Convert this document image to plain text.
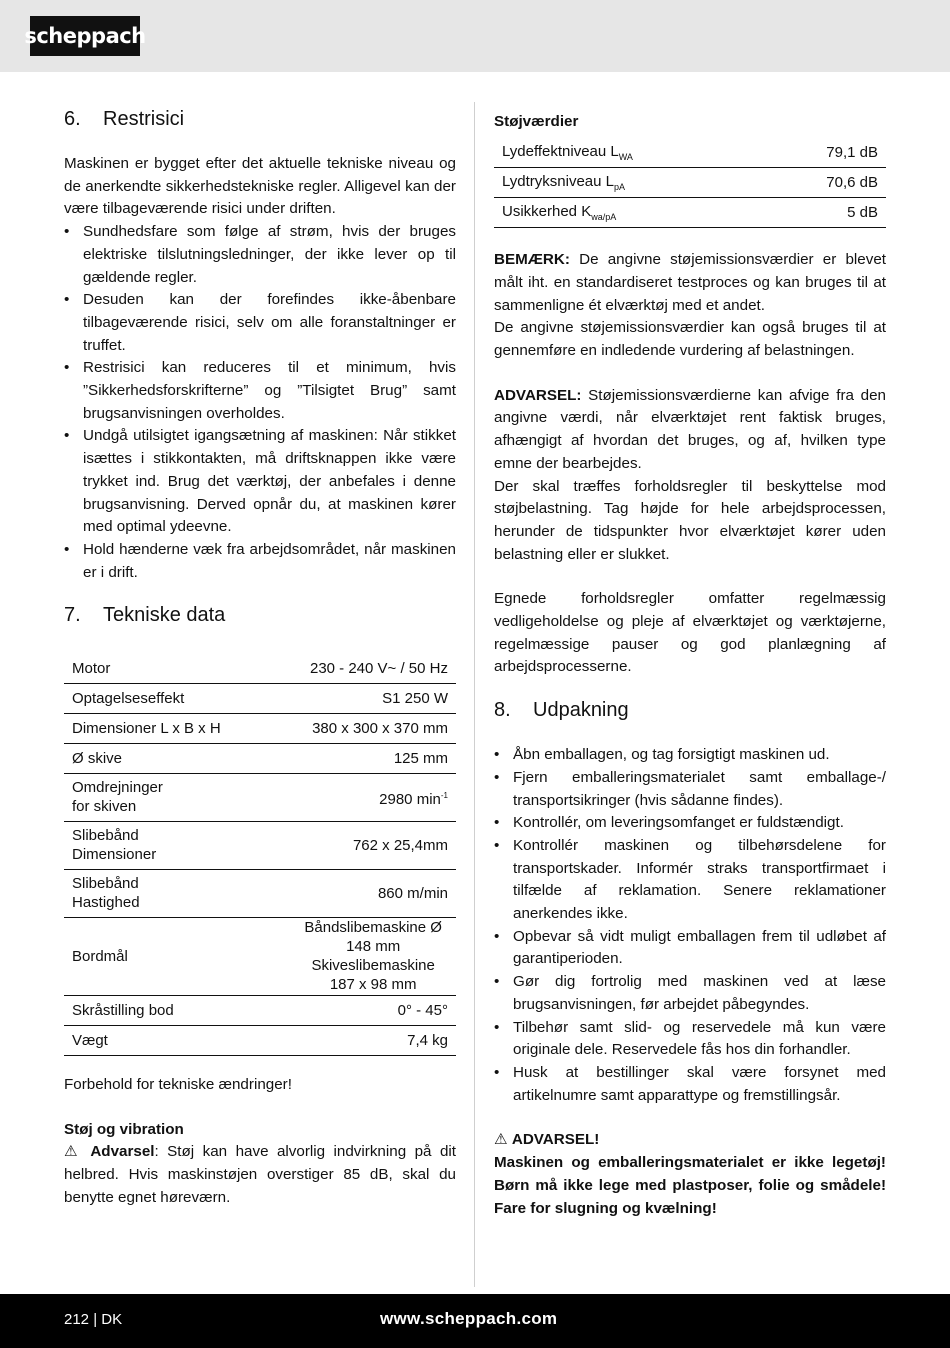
scheppach
6.	Restrisici

Maskinen er bygget efter det aktuelle tekniske niveau og de anerkendte sikkerhedstekniske regler. Alligevel kan der være tilbageværende risici under driften.

• Sundhedsfare som følge af strøm, hvis der bruges elektriske tilslutningsledninger, der ikke lever op til gældende regler.
• Desuden kan der forefindes ikke-åbenbare tilbageværende risici, selv om alle foranstaltninger er truffet.
• Restrisici kan reduceres til et minimum, hvis ”Sikkerhedsforskrifterne” og ”Tilsigtet Brug” samt brugsanvisningen overholdes.
• Undgå utilsigtet igangsætning af maskinen: Når stikket isættes i stikkontakten, må driftsknappen ikke være trykket ind. Brug det værktøj, der anbefales i denne brugsanvisning. Derved opnår du, at maskinen kører med optimal ydeevne.
• Hold hænderne væk fra arbejdsområdet, når maskinen er i drift.
7.	Tekniske data
Motor	230 - 240 V~ / 50 Hz
Optagelseseffekt	S1 250 W
Dimensioner L x B x H	380 x 300 x 370 mm
Ø skive	125 mm
Omdrejninger
for skiven	2980 $\min^{-1}$
Slibebånd
Dimensioner	762 x 25,4mm
Slibebånd
Hastighed	860 m/min
Bordmål	Båndslibemaskine Ø
148 mm
Skiveslibemaskine
187 x 98 mm
Skråstilling bod	0° - 45°
Vægt	7,4 kg

Forbehold for tekniske ændringer!

Støj og vibration

⚠ Advarsel: Støj kan have alvorlig indvirkning på dit helbred. Hvis maskinstøjen overstiger 85 dB, skal du benytte egnet høreværn.

Støjværdier

Lydeffektniveau $L_{WA}$	79,1 dB
Lydtryksniveau $L_{pA}$	70,6 dB
Usikkerhed $K_{wa/pA}$	5 dB

BEMÆRK: De angivne støjemissionsværdier er blevet målt iht. en standardiseret testproces og kan bruges til at sammenligne ét elværktøj med et andet.

De angivne støjemissionsværdier kan også bruges til at gennemføre en indledende vurdering af belastningen.

ADVARSEL: Støjemissionsværdierne kan afvige fra den angivne værdi, når elværktøjet rent faktisk bruges, afhængigt af hvordan det bruges, og af, hvilken type emne der bearbejdes.

Der skal træffes forholdsregler til beskyttelse mod støjbelastning. Tag højde for hele arbejdsprocessen, herunder de tidspunkter hvor elværktøjet kører uden belastning eller er slukket.

Egnede forholdsregler omfatter regelmæssig vedligeholdelse og pleje af elværktøjet og værktøjerne, regelmæssige pauser og god planlægning af arbejdsprocesserne.

8.	Udpakning
• Åbn emballagen, og tag forsigtigt maskinen ud.
• Fjern emballeringsmaterialet samt emballage-/ transportsikringer (hvis sådanne findes).
• Kontrollér, om leveringsomfanget er fuldstændigt.
• Kontrollér maskinen og tilbehørsdelene for transportskader. Informér straks transportfirmaet i tilfælde af reklamation. Senere reklamationer anerkendes ikke.
• Opbevar så vidt muligt emballagen frem til udløbet af garantiperioden.
• Gør dig fortrolig med maskinen ved at læse brugsanvisningen, før arbejdet påbegyndes.
• Tilbehør samt slid- og reservedele må kun være originale dele. Reservedele fås hos din forhandler.
• Husk at bestillinger skal være forsynet med artikelnumre samt apparattype og fremstillingsår.

⚠ ADVARSEL!

Maskinen og emballeringsmaterialet er ikke legetøj! Børn må ikke lege med plastposer, folie og smådele! Fare for slugning og kvælning!

212 | DK	www.scheppach.com
